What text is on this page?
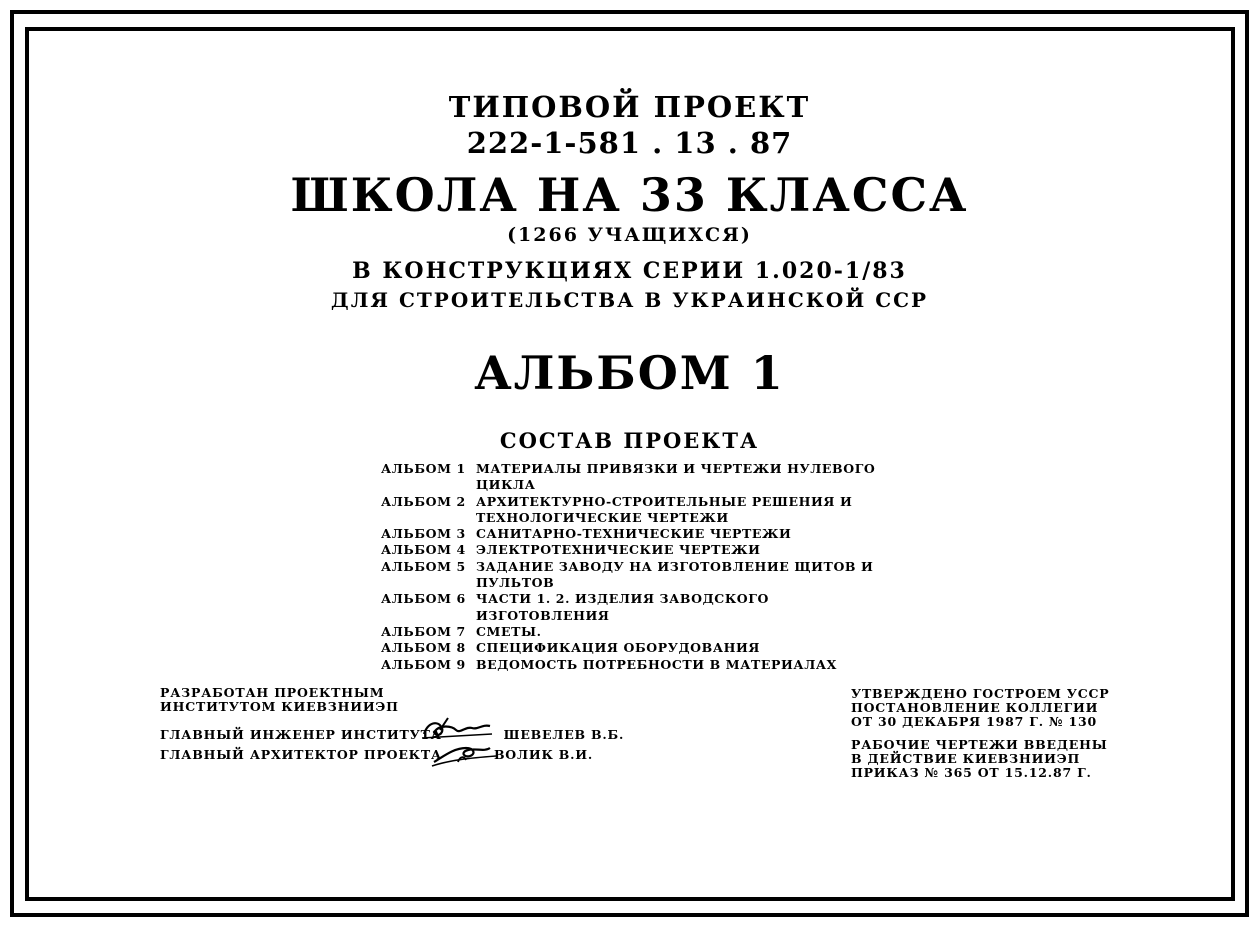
ТИПОВОЙ ПРОЕКТ
222-1-581 . 13 . 87
ШКОЛА НА 33 КЛАССА
(1266 УЧАЩИХСЯ)
В КОНСТРУКЦИЯХ СЕРИИ 1.020-1/83
ДЛЯ СТРОИТЕЛЬСТВА В УКРАИНСКОЙ ССР
АЛЬБОМ 1
СОСТАВ ПРОЕКТА
АЛЬБОМ 1 МАТЕРИАЛЫ ПРИВЯЗКИ И ЧЕРТЕЖИ НУЛЕВОГО ЦИКЛА
АЛЬБОМ 2 АРХИТЕКТУРНО-СТРОИТЕЛЬНЫЕ РЕШЕНИЯ И ТЕХНОЛОГИЧЕСКИЕ ЧЕРТЕЖИ
АЛЬБОМ 3 САНИТАРНО-ТЕХНИЧЕСКИЕ ЧЕРТЕЖИ
АЛЬБОМ 4 ЭЛЕКТРОТЕХНИЧЕСКИЕ ЧЕРТЕЖИ
АЛЬБОМ 5 ЗАДАНИЕ ЗАВОДУ НА ИЗГОТОВЛЕНИЕ ЩИТОВ И ПУЛЬТОВ
АЛЬБОМ 6 ЧАСТИ 1. 2. ИЗДЕЛИЯ ЗАВОДСКОГО ИЗГОТОВЛЕНИЯ
АЛЬБОМ 7 СМЕТЫ.
АЛЬБОМ 8 СПЕЦИФИКАЦИЯ ОБОРУДОВАНИЯ
АЛЬБОМ 9 ВЕДОМОСТЬ ПОТРЕБНОСТИ В МАТЕРИАЛАХ
РАЗРАБОТАН ПРОЕКТНЫМ
ИНСТИТУТОМ КИЕВЗНИИЭП
ГЛАВНЫЙ ИНЖЕНЕР ИНСТИТУТА	ШЕВЕЛЕВ В.Б.
ГЛАВНЫЙ АРХИТЕКТОР ПРОЕКТА	ВОЛИК В.И.
УТВЕРЖДЕНО ГОСТРОЕМ УССР
ПОСТАНОВЛЕНИЕ КОЛЛЕГИИ
ОТ 30 ДЕКАБРЯ 1987 Г. № 130
РАБОЧИЕ ЧЕРТЕЖИ ВВЕДЕНЫ
В ДЕЙСТВИЕ КИЕВЗНИИЭП
ПРИКАЗ № 365 ОТ 15.12.87 Г.
